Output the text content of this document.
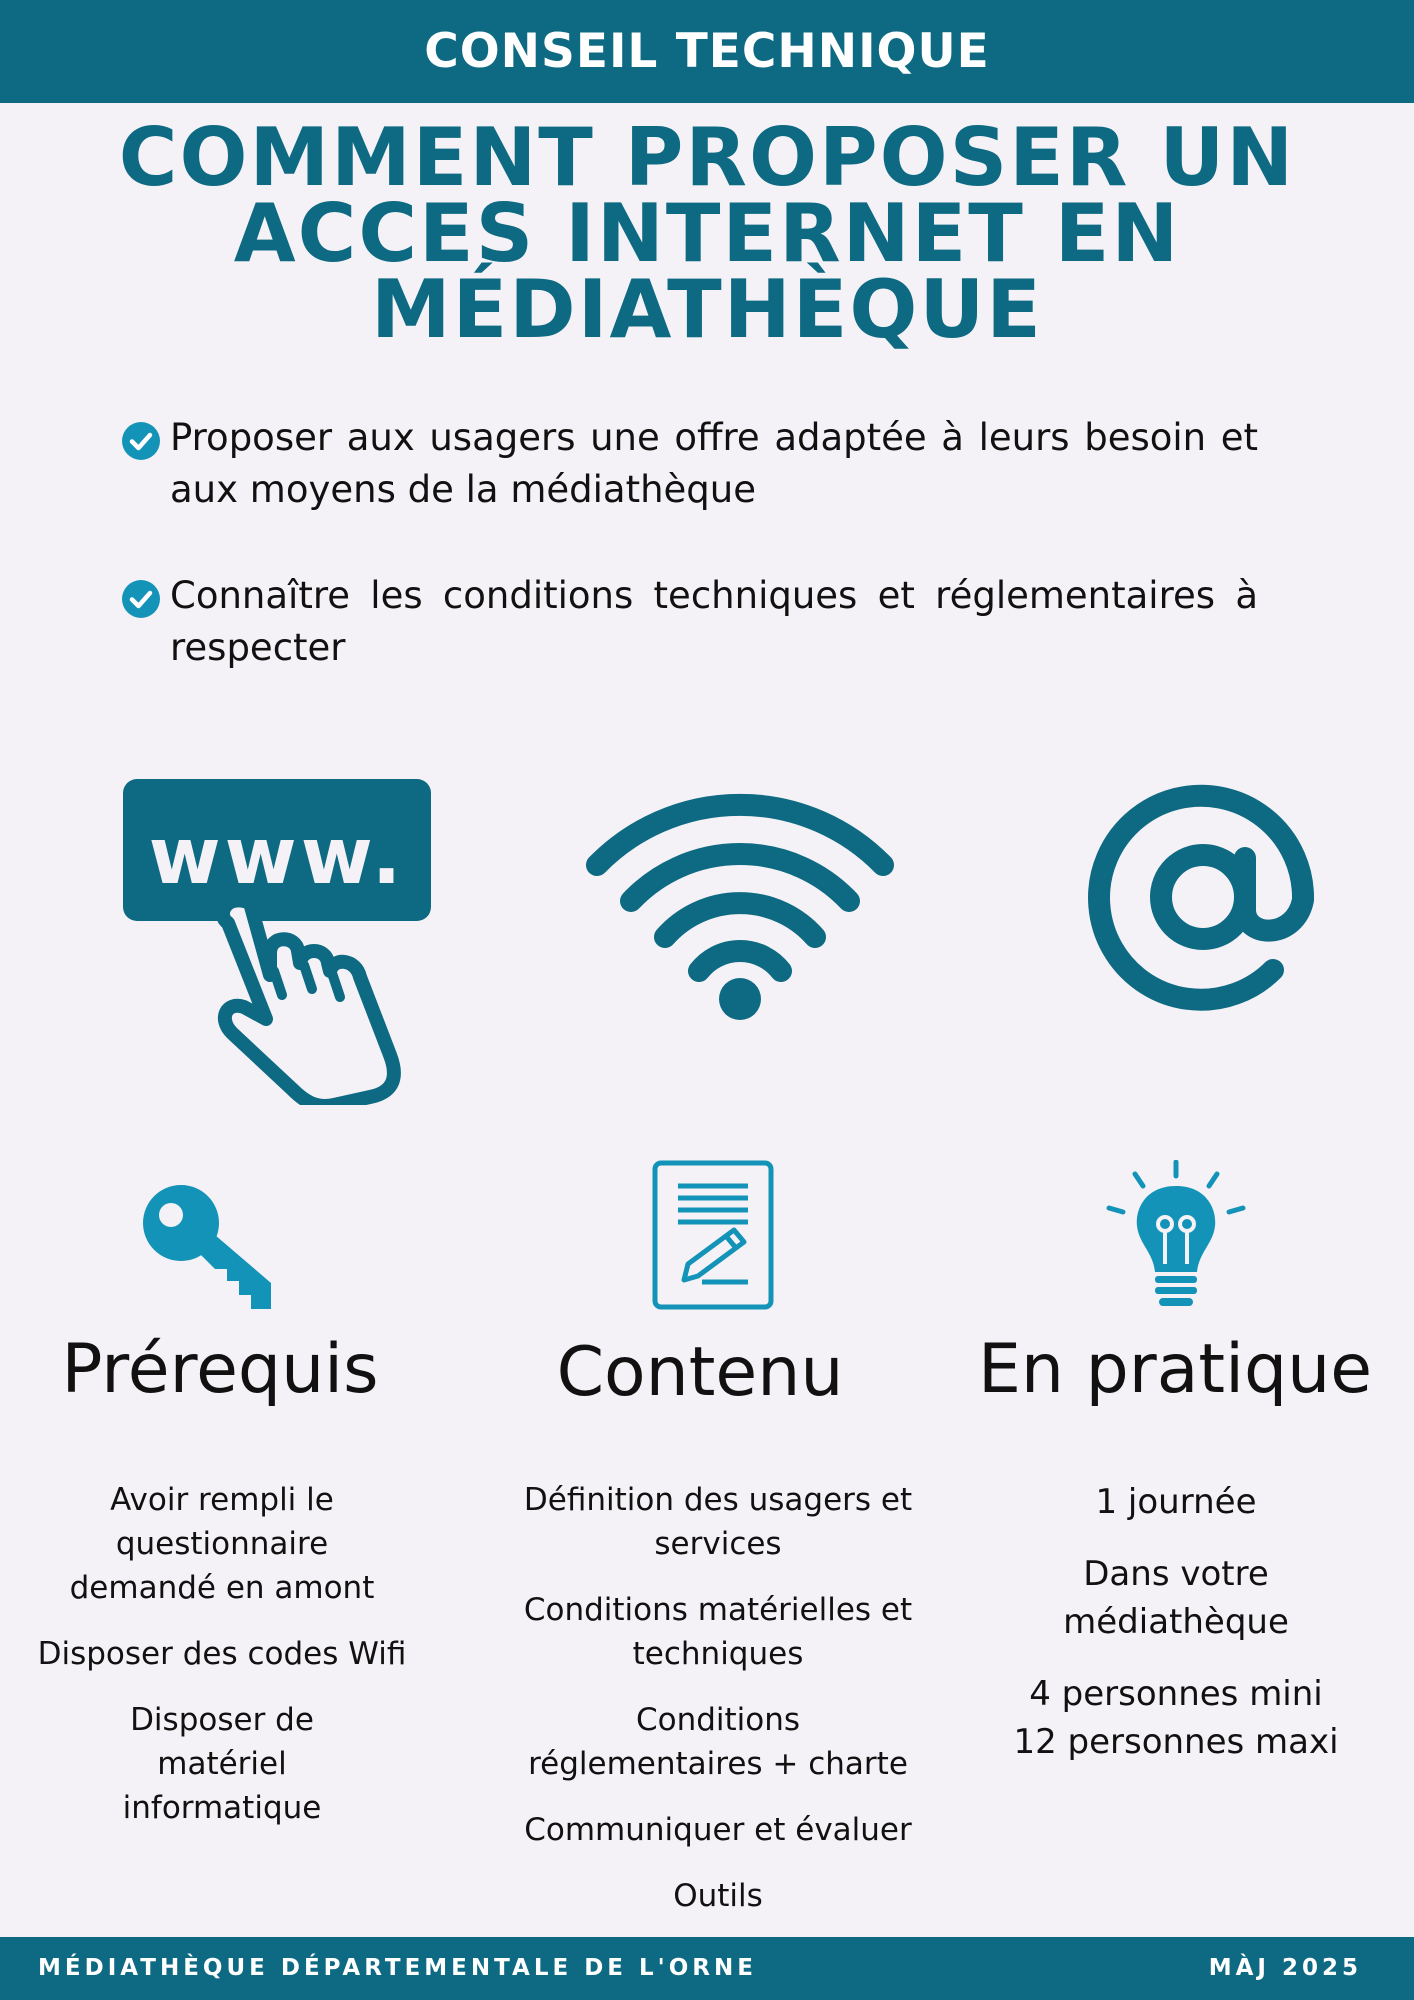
CONSEIL TECHNIQUE
COMMENT PROPOSER UN
ACCES INTERNET EN
MÉDIATHÈQUE
Proposer aux usagers une offre adaptée à leurs besoin et aux moyens de la médiathèque
Connaître les conditions techniques et réglementaires à respecter
www.
Prérequis	Contenu	En pratique
Avoir rempli le questionnaire demandé en amont
Disposer des codes Wifi
Disposer de matériel informatique
Définition des usagers et services
Conditions matérielles et techniques
Conditions réglementaires + charte
Communiquer et évaluer
Outils
1 journée
Dans votre médiathèque
4 personnes mini
12 personnes maxi
MÉDIATHÈQUE DÉPARTEMENTALE DE L'ORNE	MÀJ 2025
